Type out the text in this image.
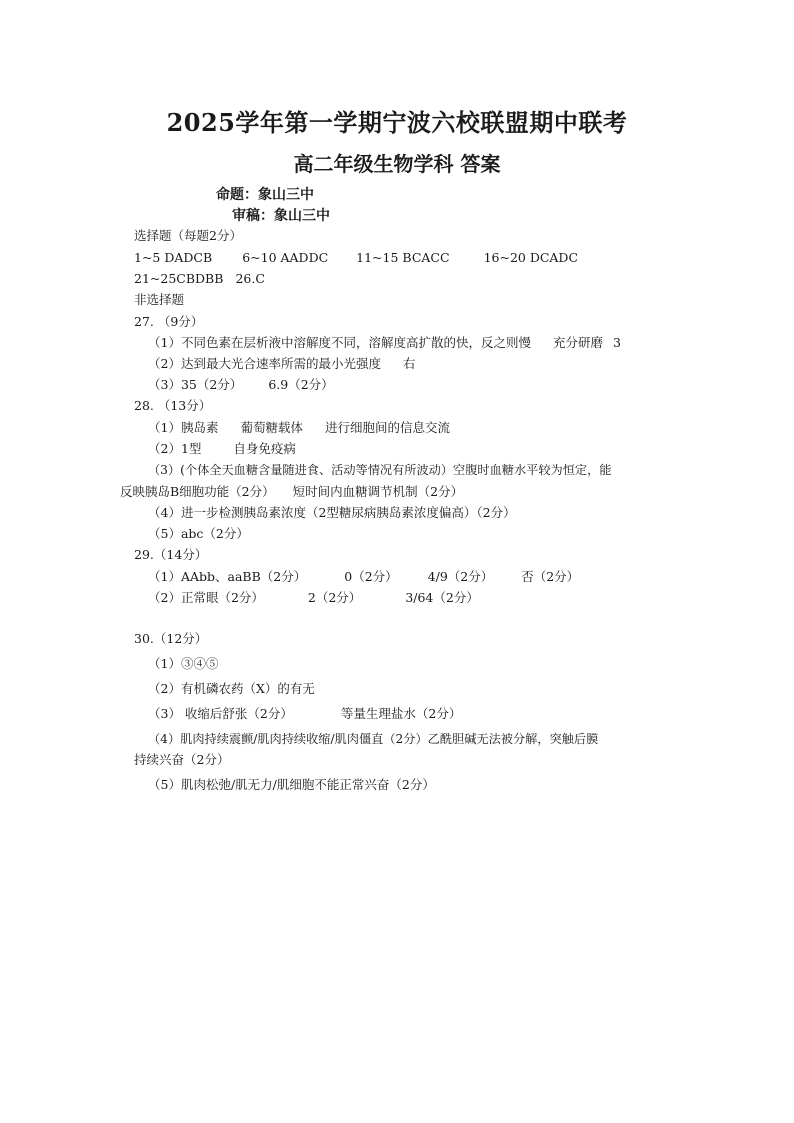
2025学年第一学期宁波六校联盟期中联考
高二年级生物学科 答案
命题：象山三中
审稿：象山三中
选择题（每题2分）
1~5 DADCB 6~10 AADDC 11~15 BCACC	16~20 DCADC
21~25CBDBB 26.C
非选择题
27. （9分）
（1）不同色素在层析液中溶解度不同，溶解度高扩散的快，反之则慢 充分研磨 3
（2）达到最大光合速率所需的最小光强度 右
（3）35（2分） 6.9（2分）
28. （13分）
（1）胰岛素 葡萄糖载体 进行细胞间的信息交流
（2）1型	自身免疫病
（3）(个体全天血糖含量随进食、活动等情况有所波动）空腹时血糖水平较为恒定，能
反映胰岛B细胞功能（2分） 短时间内血糖调节机制（2分）
（4）进一步检测胰岛素浓度（2型糖尿病胰岛素浓度偏高）（2分）
（5）abc（2分）
29.（14分）
（1）AAbb、aaBB（2分）	0（2分） 4/9（2分） 否（2分）
（2）正常眼（2分）	2（2分）	3/64（2分）
30.（12分）
（1）③④⑤
（2）有机磷农药（X）的有无
（3） 收缩后舒张（2分）	等量生理盐水（2分）
（4）肌肉持续震颤/肌肉持续收缩/肌肉僵直（2分）乙酰胆碱无法被分解，突触后膜
持续兴奋（2分）
（5）肌肉松弛/肌无力/肌细胞不能正常兴奋（2分）
